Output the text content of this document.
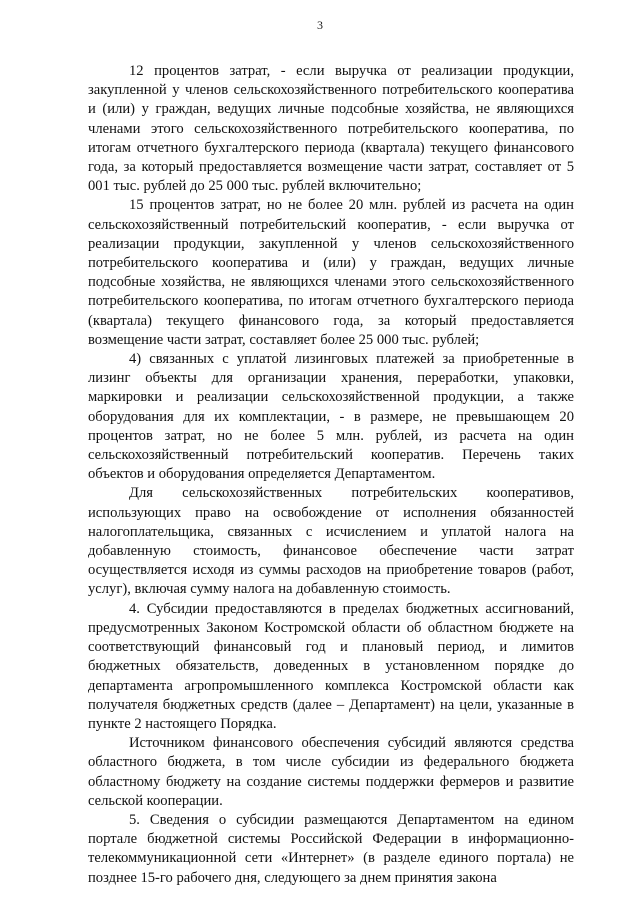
3

12 процентов затрат, - если выручка от реализации продукции, закупленной у членов сельскохозяйственного потребительского кооператива и (или) у граждан, ведущих личные подсобные хозяйства, не являющихся членами этого сельскохозяйственного потребительского кооператива, по итогам отчетного бухгалтерского периода (квартала) текущего финансового года, за который предоставляется возмещение части затрат, составляет от 5 001 тыс. рублей до 25 000 тыс. рублей включительно;

15 процентов затрат, но не более 20 млн. рублей из расчета на один сельскохозяйственный потребительский кооператив, - если выручка от реализации продукции, закупленной у членов сельскохозяйственного потребительского кооператива и (или) у граждан, ведущих личные подсобные хозяйства, не являющихся членами этого сельскохозяйственного потребительского кооператива, по итогам отчетного бухгалтерского периода (квартала) текущего финансового года, за который предоставляется возмещение части затрат, составляет более 25 000 тыс. рублей;

4) связанных с уплатой лизинговых платежей за приобретенные в лизинг объекты для организации хранения, переработки, упаковки, маркировки и реализации сельскохозяйственной продукции, а также оборудования для их комплектации, - в размере, не превышающем 20 процентов затрат, но не более 5 млн. рублей, из расчета на один сельскохозяйственный потребительский кооператив. Перечень таких объектов и оборудования определяется Департаментом.

Для сельскохозяйственных потребительских кооперативов, использующих право на освобождение от исполнения обязанностей налогоплательщика, связанных с исчислением и уплатой налога на добавленную стоимость, финансовое обеспечение части затрат осуществляется исходя из суммы расходов на приобретение товаров (работ, услуг), включая сумму налога на добавленную стоимость.

4. Субсидии предоставляются в пределах бюджетных ассигнований, предусмотренных Законом Костромской области об областном бюджете на соответствующий финансовый год и плановый период, и лимитов бюджетных обязательств, доведенных в установленном порядке до департамента агропромышленного комплекса Костромской области как получателя бюджетных средств (далее – Департамент) на цели, указанные в пункте 2 настоящего Порядка.

Источником финансового обеспечения субсидий являются средства областного бюджета, в том числе субсидии из федерального бюджета областному бюджету на создание системы поддержки фермеров и развитие сельской кооперации.

5. Сведения о субсидии размещаются Департаментом на едином портале бюджетной системы Российской Федерации в информационно-телекоммуникационной сети «Интернет» (в разделе единого портала) не позднее 15-го рабочего дня, следующего за днем принятия закона
